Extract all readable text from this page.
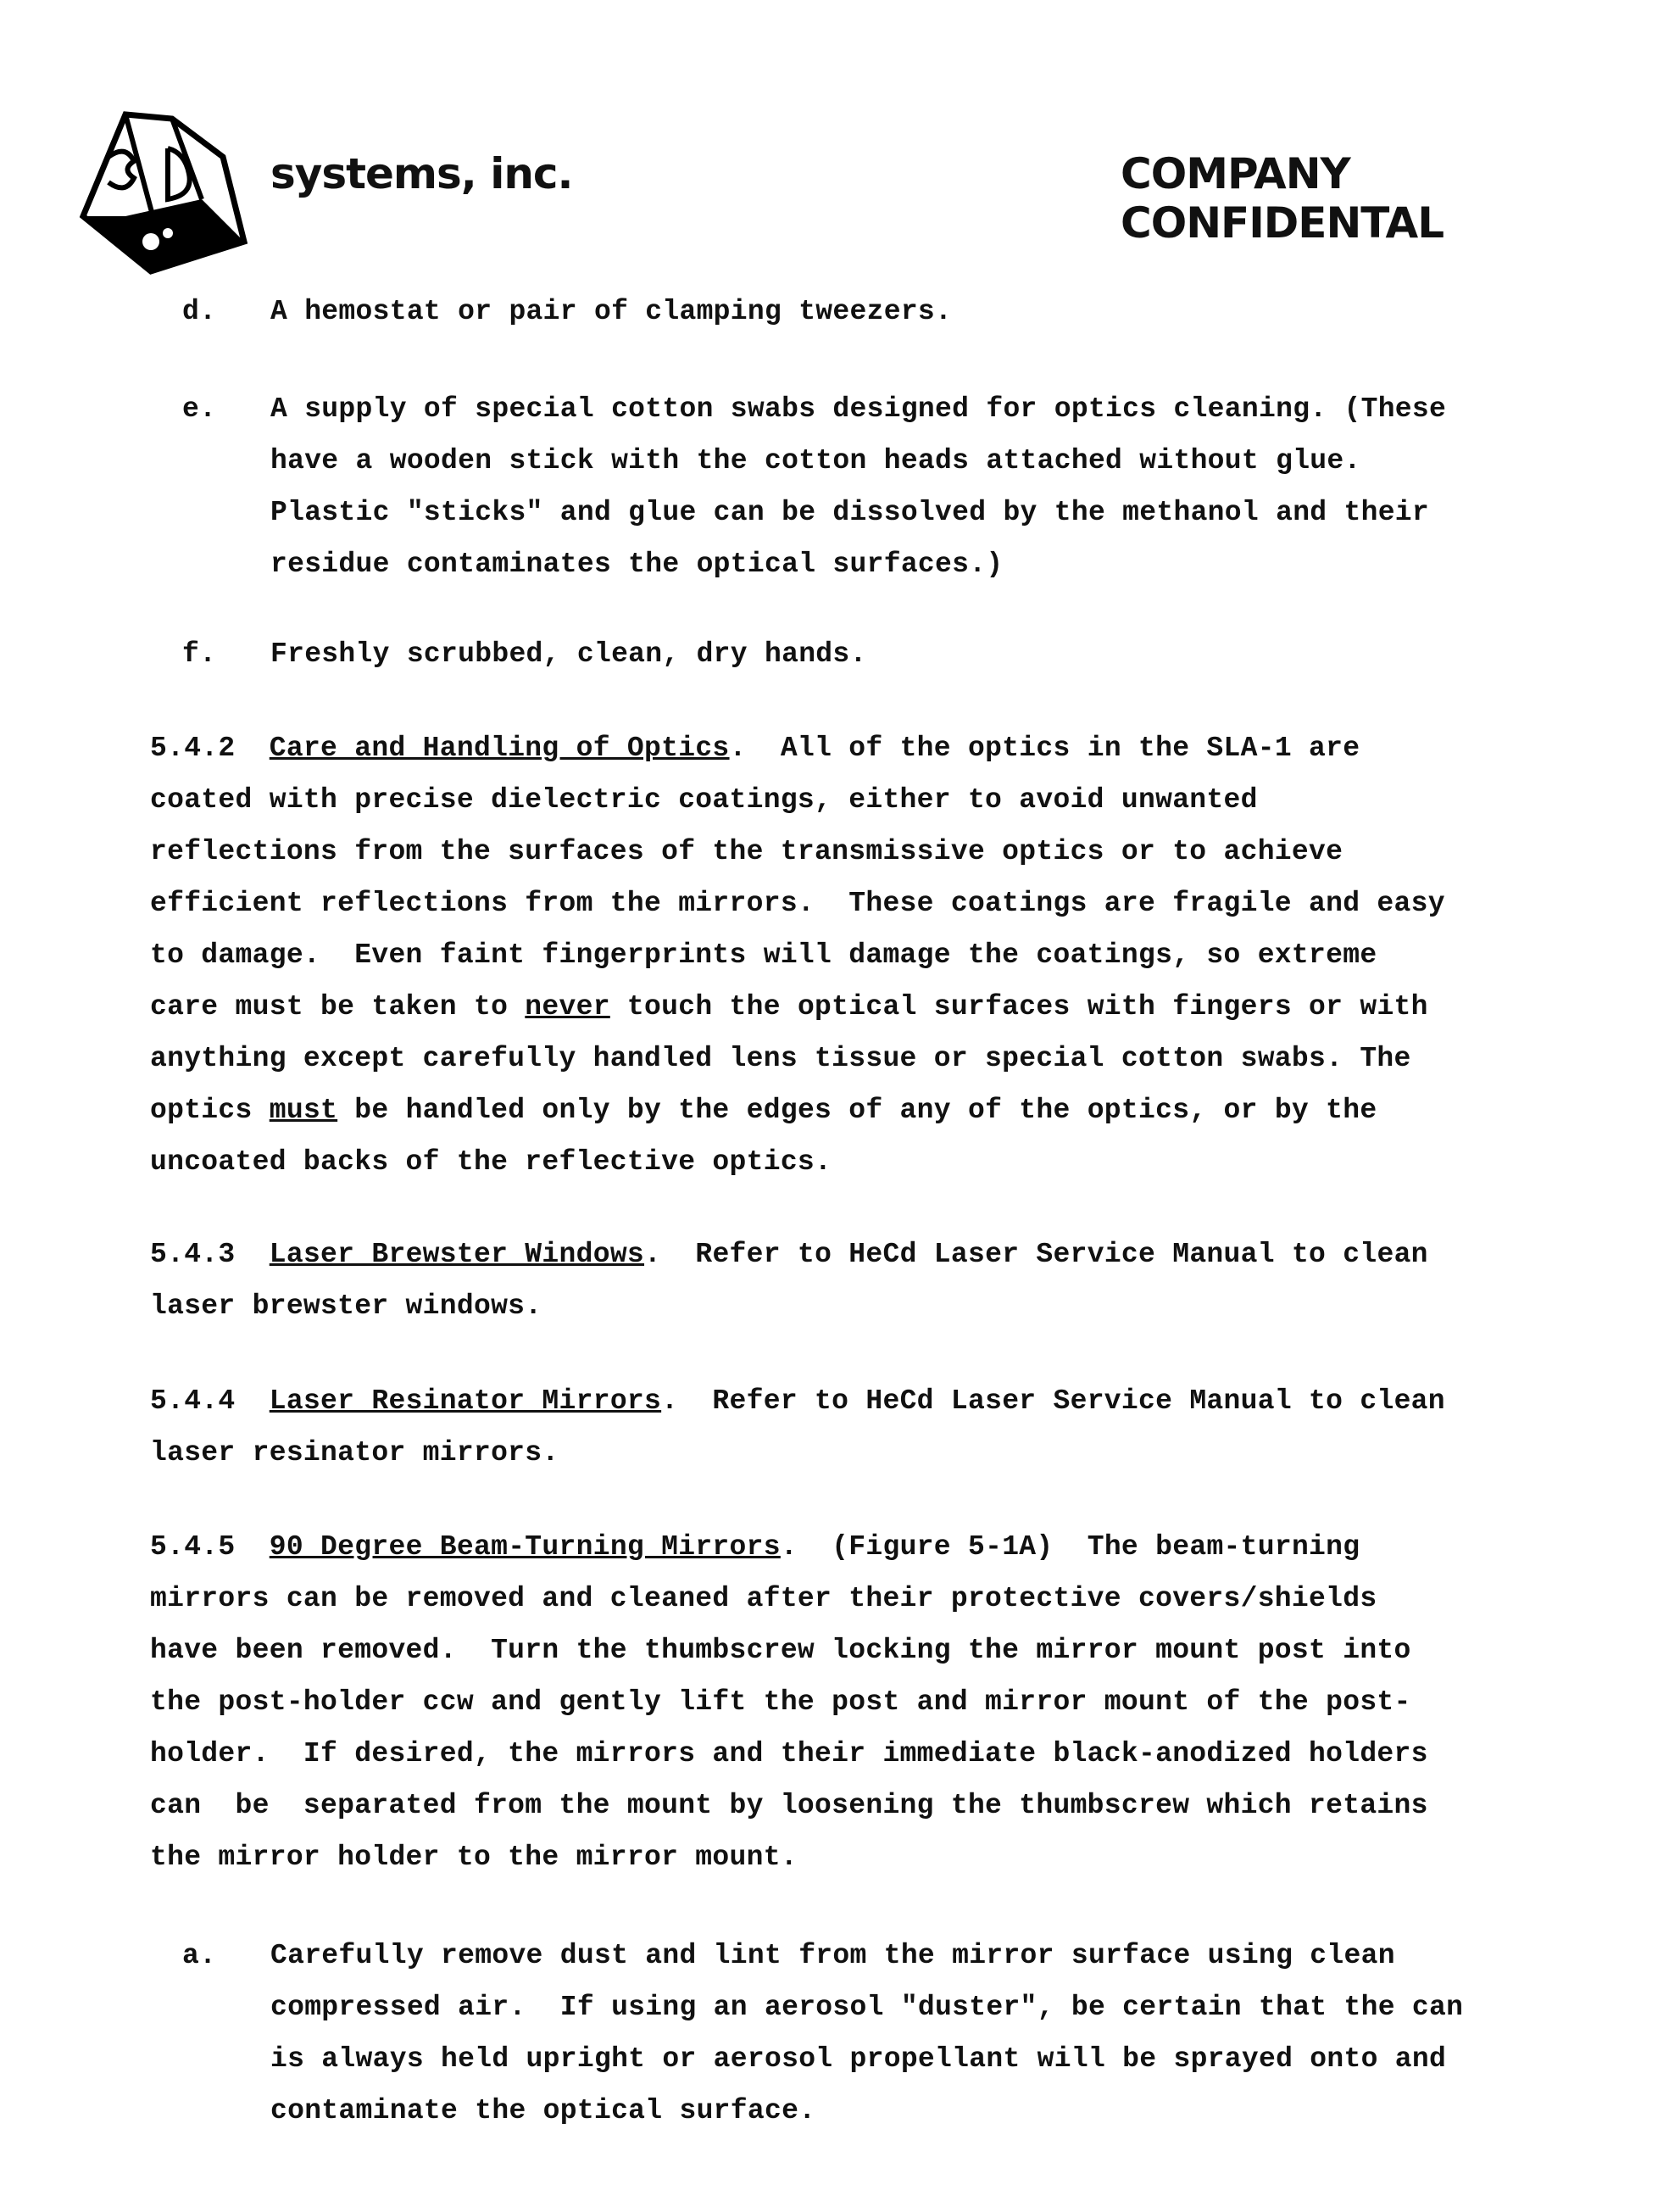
systems, inc.	COMPANY CONFIDENTAL
d. A hemostat or pair of clamping tweezers.
e. A supply of special cotton swabs designed for optics cleaning. (These
have a wooden stick with the cotton heads attached without glue.
Plastic "sticks" and glue can be dissolved by the methanol and their
residue contaminates the optical surfaces.)
f. Freshly scrubbed, clean, dry hands.
5.4.2 Care and Handling of Optics.  All of the optics in the SLA-1 are
coated with precise dielectric coatings, either to avoid unwanted
reflections from the surfaces of the transmissive optics or to achieve
efficient reflections from the mirrors.  These coatings are fragile and easy
to damage.  Even faint fingerprints will damage the coatings, so extreme
care must be taken to never touch the optical surfaces with fingers or with
anything except carefully handled lens tissue or special cotton swabs. The
optics must be handled only by the edges of any of the optics, or by the
uncoated backs of the reflective optics.
5.4.3 Laser Brewster Windows.  Refer to HeCd Laser Service Manual to clean
laser brewster windows.
5.4.4 Laser Resinator Mirrors.  Refer to HeCd Laser Service Manual to clean
laser resinator mirrors.
5.4.5 90 Degree Beam-Turning Mirrors.  (Figure 5-1A)  The beam-turning
mirrors can be removed and cleaned after their protective covers/shields
have been removed.  Turn the thumbscrew locking the mirror mount post into
the post-holder ccw and gently lift the post and mirror mount of the post-
holder.  If desired, the mirrors and their immediate black-anodized holders
can  be  separated from the mount by loosening the thumbscrew which retains
the mirror holder to the mirror mount.
a. Carefully remove dust and lint from the mirror surface using clean
compressed air.  If using an aerosol "duster", be certain that the can
is always held upright or aerosol propellant will be sprayed onto and
contaminate the optical surface.
